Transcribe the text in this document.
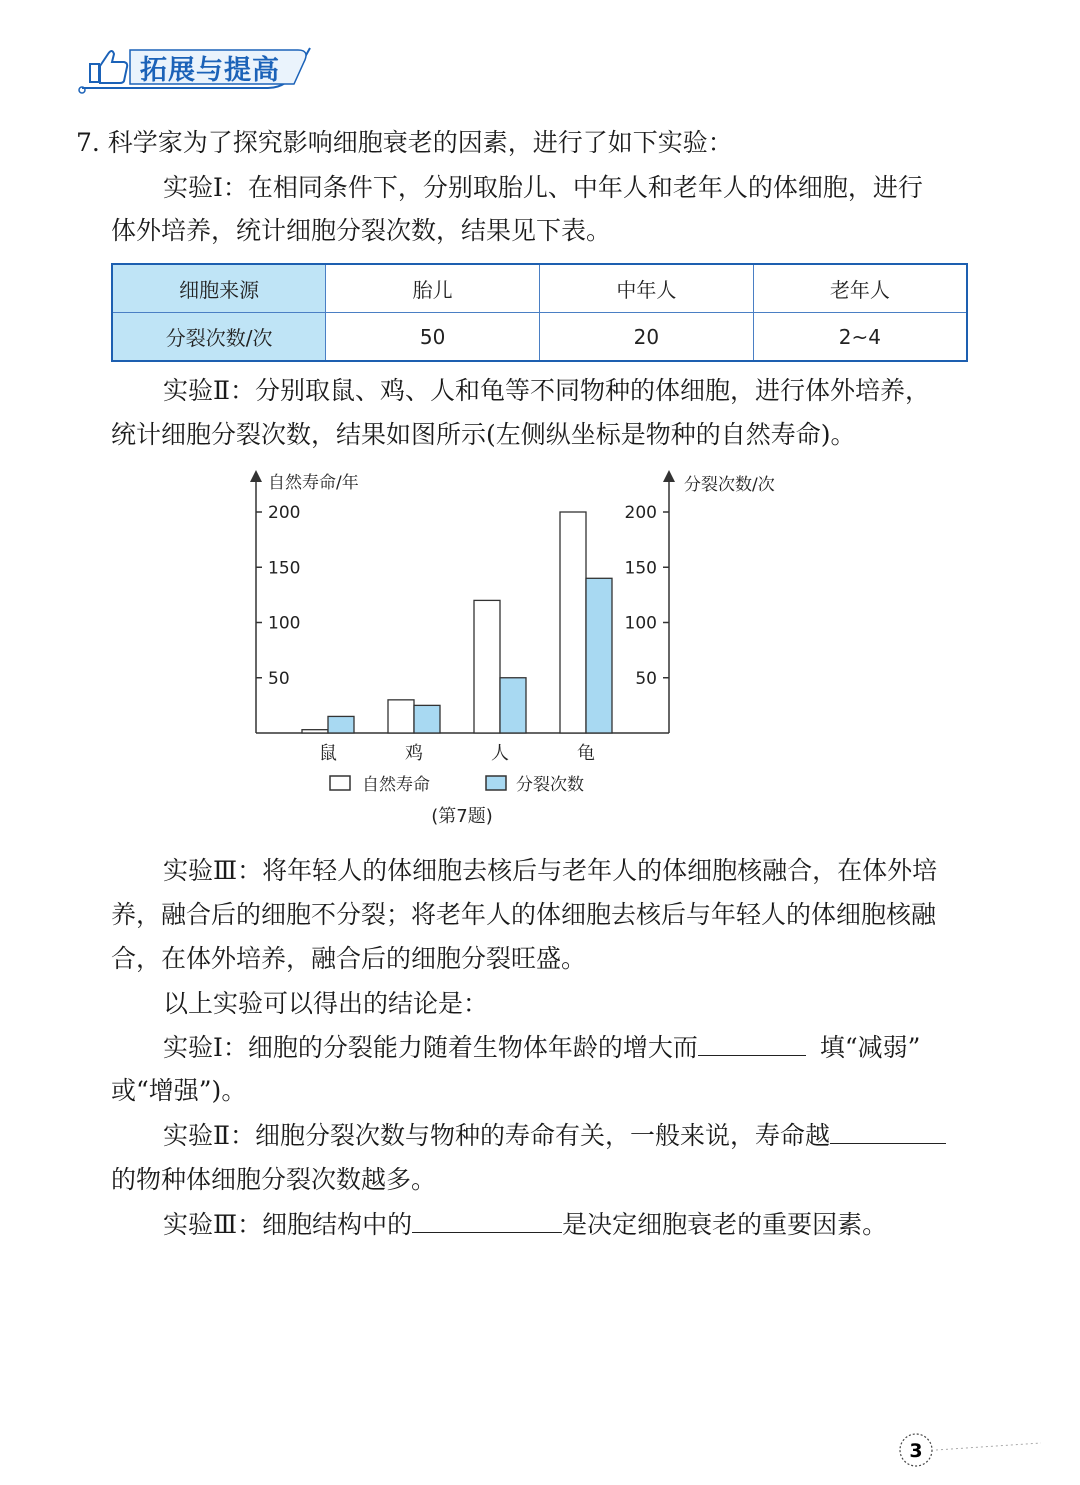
拓展与提高
7. 科学家为了探究影响细胞衰老的因素，进行了如下实验：
实验Ⅰ：在相同条件下，分别取胎儿、中年人和老年人的体细胞，进行
体外培养，统计细胞分裂次数，结果见下表。
细胞来源	胎儿	中年人	老年人
分裂次数/次	50	20	2~4
实验Ⅱ：分别取鼠、鸡、人和龟等不同物种的体细胞，进行体外培养，
统计细胞分裂次数，结果如图所示(左侧纵坐标是物种的自然寿命)。
自然寿命/年	分裂次数/次
50
100
150
200
50
100
150
200
鼠	鸡	人	龟
自然寿命	分裂次数
(第7题)
实验Ⅲ：将年轻人的体细胞去核后与老年人的体细胞核融合，在体外培
养，融合后的细胞不分裂；将老年人的体细胞去核后与年轻人的体细胞核融
合，在体外培养，融合后的细胞分裂旺盛。
以上实验可以得出的结论是：
实验Ⅰ：细胞的分裂能力随着生物体年龄的增大而	填“减弱”
或“增强”)。
实验Ⅱ：细胞分裂次数与物种的寿命有关，一般来说，寿命越
的物种体细胞分裂次数越多。
实验Ⅲ：细胞结构中的	是决定细胞衰老的重要因素。
3
